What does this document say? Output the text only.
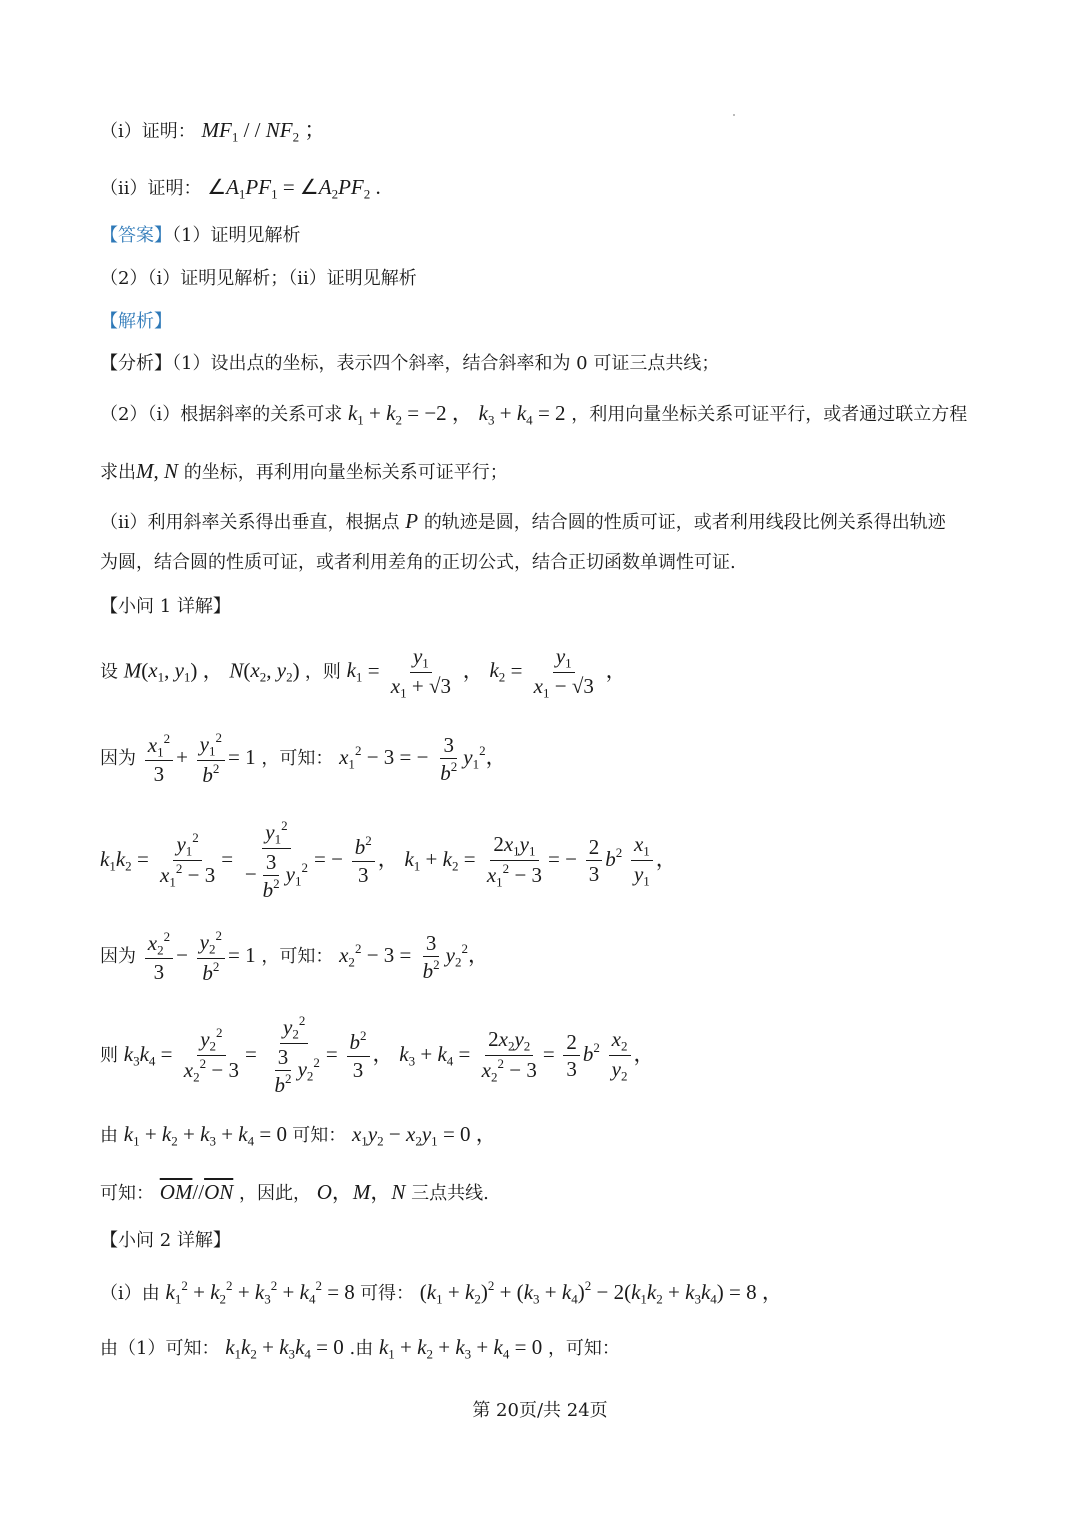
（i）证明： $MF_1$ / / $NF_2$ ；
（ii）证明： $\angle A_1PF_1$ = $\angle A_2PF_2$ .
【答案】（1）证明见解析
（2）（i）证明见解析；（ii）证明见解析
【解析】
【分析】（1）设出点的坐标，表示四个斜率，结合斜率和为 0 可证三点共线；
（2）（i）根据斜率的关系可求 $k_1 + k_2 = -2$ ， $k_3 + k_4 = 2$ ，利用向量坐标关系可证平行，或者通过联立方程
求出M, N 的坐标，再利用向量坐标关系可证平行；
（ii）利用斜率关系得出垂直，根据点 P 的轨迹是圆，结合圆的性质可证，或者利用线段比例关系得出轨迹
为圆，结合圆的性质可证，或者利用差角的正切公式，结合正切函数单调性可证.
【小问 1 详解】
设 $M(x_1$, $y_1$) ， $N(x_2$, $y_2$) ，则 $k_1 = \frac{y_1}{x_1 + √3}$ ， $k_2 = \frac{y_1}{x_1 - √3}$ ，
因为 $\frac{x_1^2}{3} + \frac{y_1^2}{b^2} = 1$ ，可知： $x_1^2 - 3$ = − $\frac{3}{b^2} y_1^2$，
$k_1k_2 = \frac{y_1^2}{x_1^2 - 3} = \frac{y_1^2}{- \frac{3}{b^2} y_1^2}$ = − $\frac{b^2}{3}$ ， $k_1 + k_2 = \frac{2x_1y_1}{x_1^2 - 3}$ = − $\frac{2}{3} b^2 \frac{x_1}{y_1}$ ，
因为 $\frac{x_2^2}{3} - \frac{y_2^2}{b^2} = 1$ ，可知： $x_2^2 - 3 = \frac{3}{b^2} y_2^2$，
则 $k_3k_4 = \frac{y_2^2}{x_2^2 - 3} = \frac{y_2^2}{\frac{3}{b^2} y_2^2} = \frac{b^2}{3}$ ， $k_3 + k_4 = \frac{2x_2y_2}{x_2^2 - 3} = \frac{2}{3} b^2 \frac{x_2}{y_2}$ ，
由 $k_1 + k_2 + k_3 + k_4 = 0$ 可知： $x_1y_2 - x_2y_1 = 0$ ，
可知： $\overline{OM}//\overline{ON}$ ，因此， O，M，N 三点共线.
【小问 2 详解】
（i）由 $k_1^2 + k_2^2 + k_3^2 + k_4^2 = 8$ 可得： $(k_1 + k_2)^2 + (k_3 + k_4)^2 - 2(k_1k_2 + k_3k_4) = 8$ ，
由（1）可知： $k_1k_2 + k_3k_4 = 0$ .由 $k_1 + k_2 + k_3 + k_4 = 0$ ，可知：
第 20页/共 24页
